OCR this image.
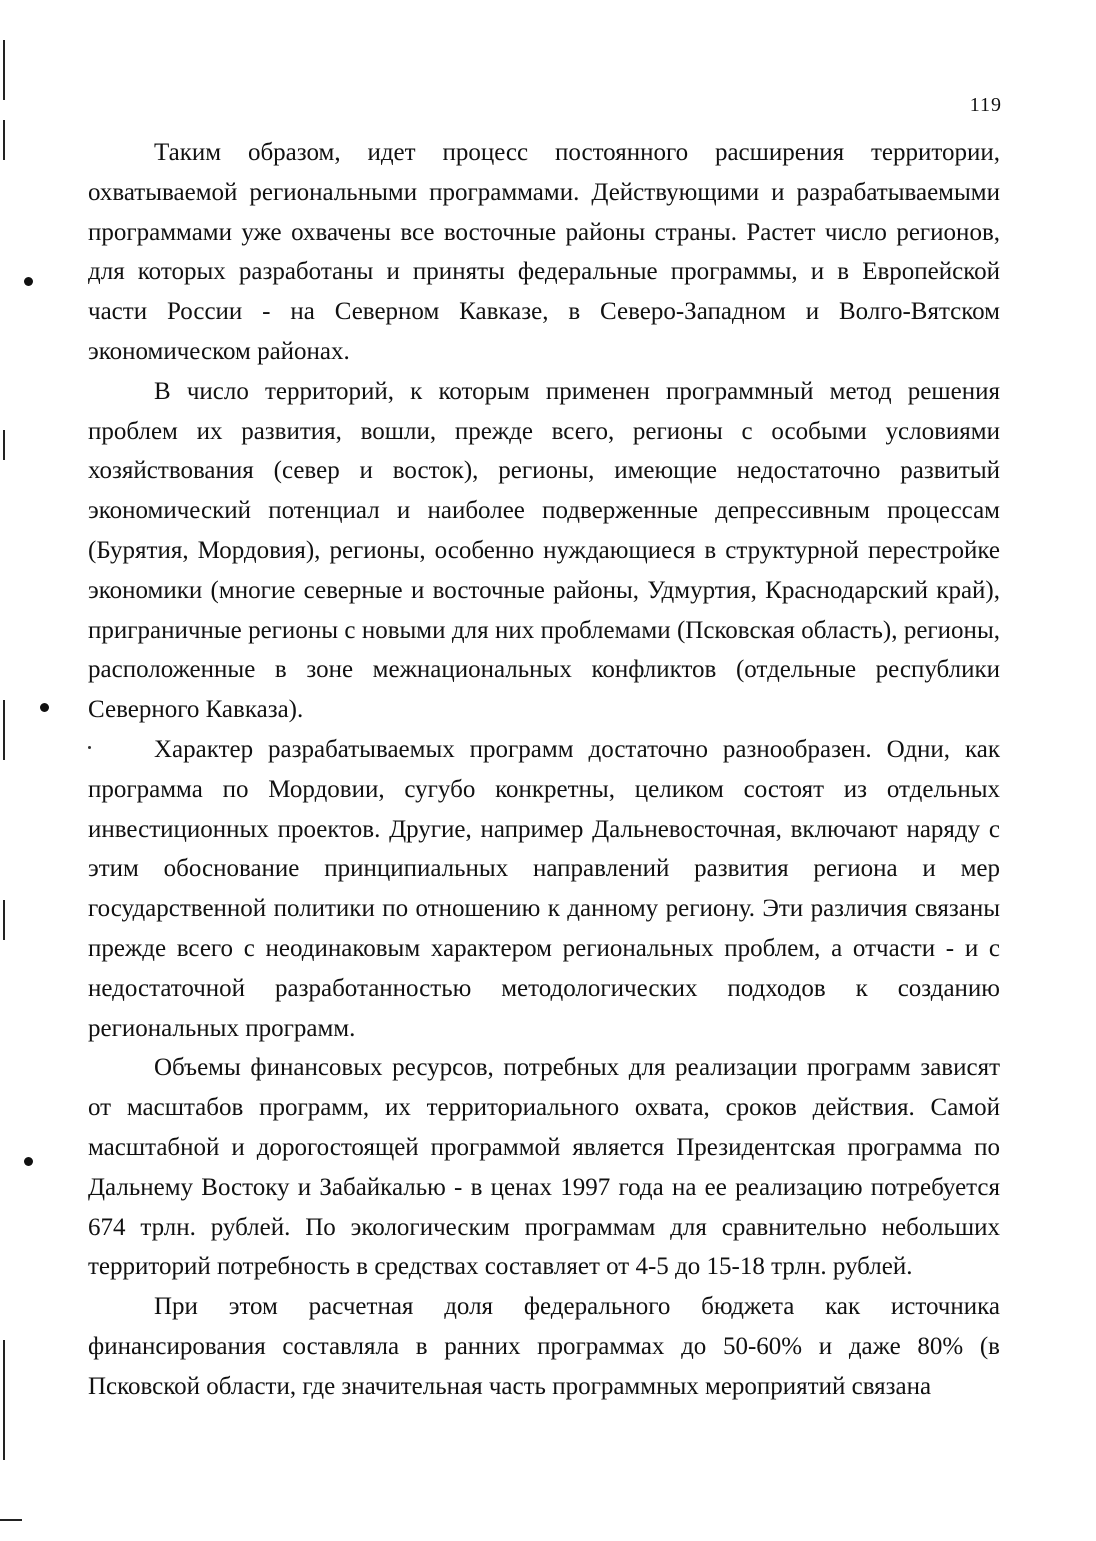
119

Таким образом, идет процесс постоянного расширения территории, охватываемой региональными программами. Действующими и разрабатываемыми программами уже охвачены все восточные районы страны. Растет число регионов, для которых разработаны и приняты федеральные программы, и в Европейской части России - на Северном Кавказе, в Северо-Западном и Волго-Вятском экономическом районах.

В число территорий, к которым применен программный метод решения проблем их развития, вошли, прежде всего, регионы с особыми условиями хозяйствования (север и восток), регионы, имеющие недостаточно развитый экономический потенциал и наиболее подверженные депрессивным процессам (Бурятия, Мордовия), регионы, особенно нуждающиеся в структурной перестройке экономики (многие северные и восточные районы, Удмуртия, Краснодарский край), приграничные регионы с новыми для них проблемами (Псковская область), регионы, расположенные в зоне межнациональных конфликтов (отдельные республики Северного Кавказа).

Характер разрабатываемых программ достаточно разнообразен. Одни, как программа по Мордовии, сугубо конкретны, целиком состоят из отдельных инвестиционных проектов. Другие, например Дальневосточная, включают наряду с этим обоснование принципиальных направлений развития региона и мер государственной политики по отношению к данному региону. Эти различия связаны прежде всего с неодинаковым характером региональных проблем, а отчасти - и с недостаточной разработанностью методологических подходов к созданию региональных программ.

Объемы финансовых ресурсов, потребных для реализации программ зависят от масштабов программ, их территориального охвата, сроков действия. Самой масштабной и дорогостоящей программой является Президентская программа по Дальнему Востоку и Забайкалью - в ценах 1997 года на ее реализацию потребуется 674 трлн. рублей. По экологическим программам для сравнительно небольших территорий потребность в средствах составляет от 4-5 до 15-18 трлн. рублей.

При этом расчетная доля федерального бюджета как источника финансирования составляла в ранних программах до 50-60% и даже 80% (в Псковской области, где значительная часть программных мероприятий связана
